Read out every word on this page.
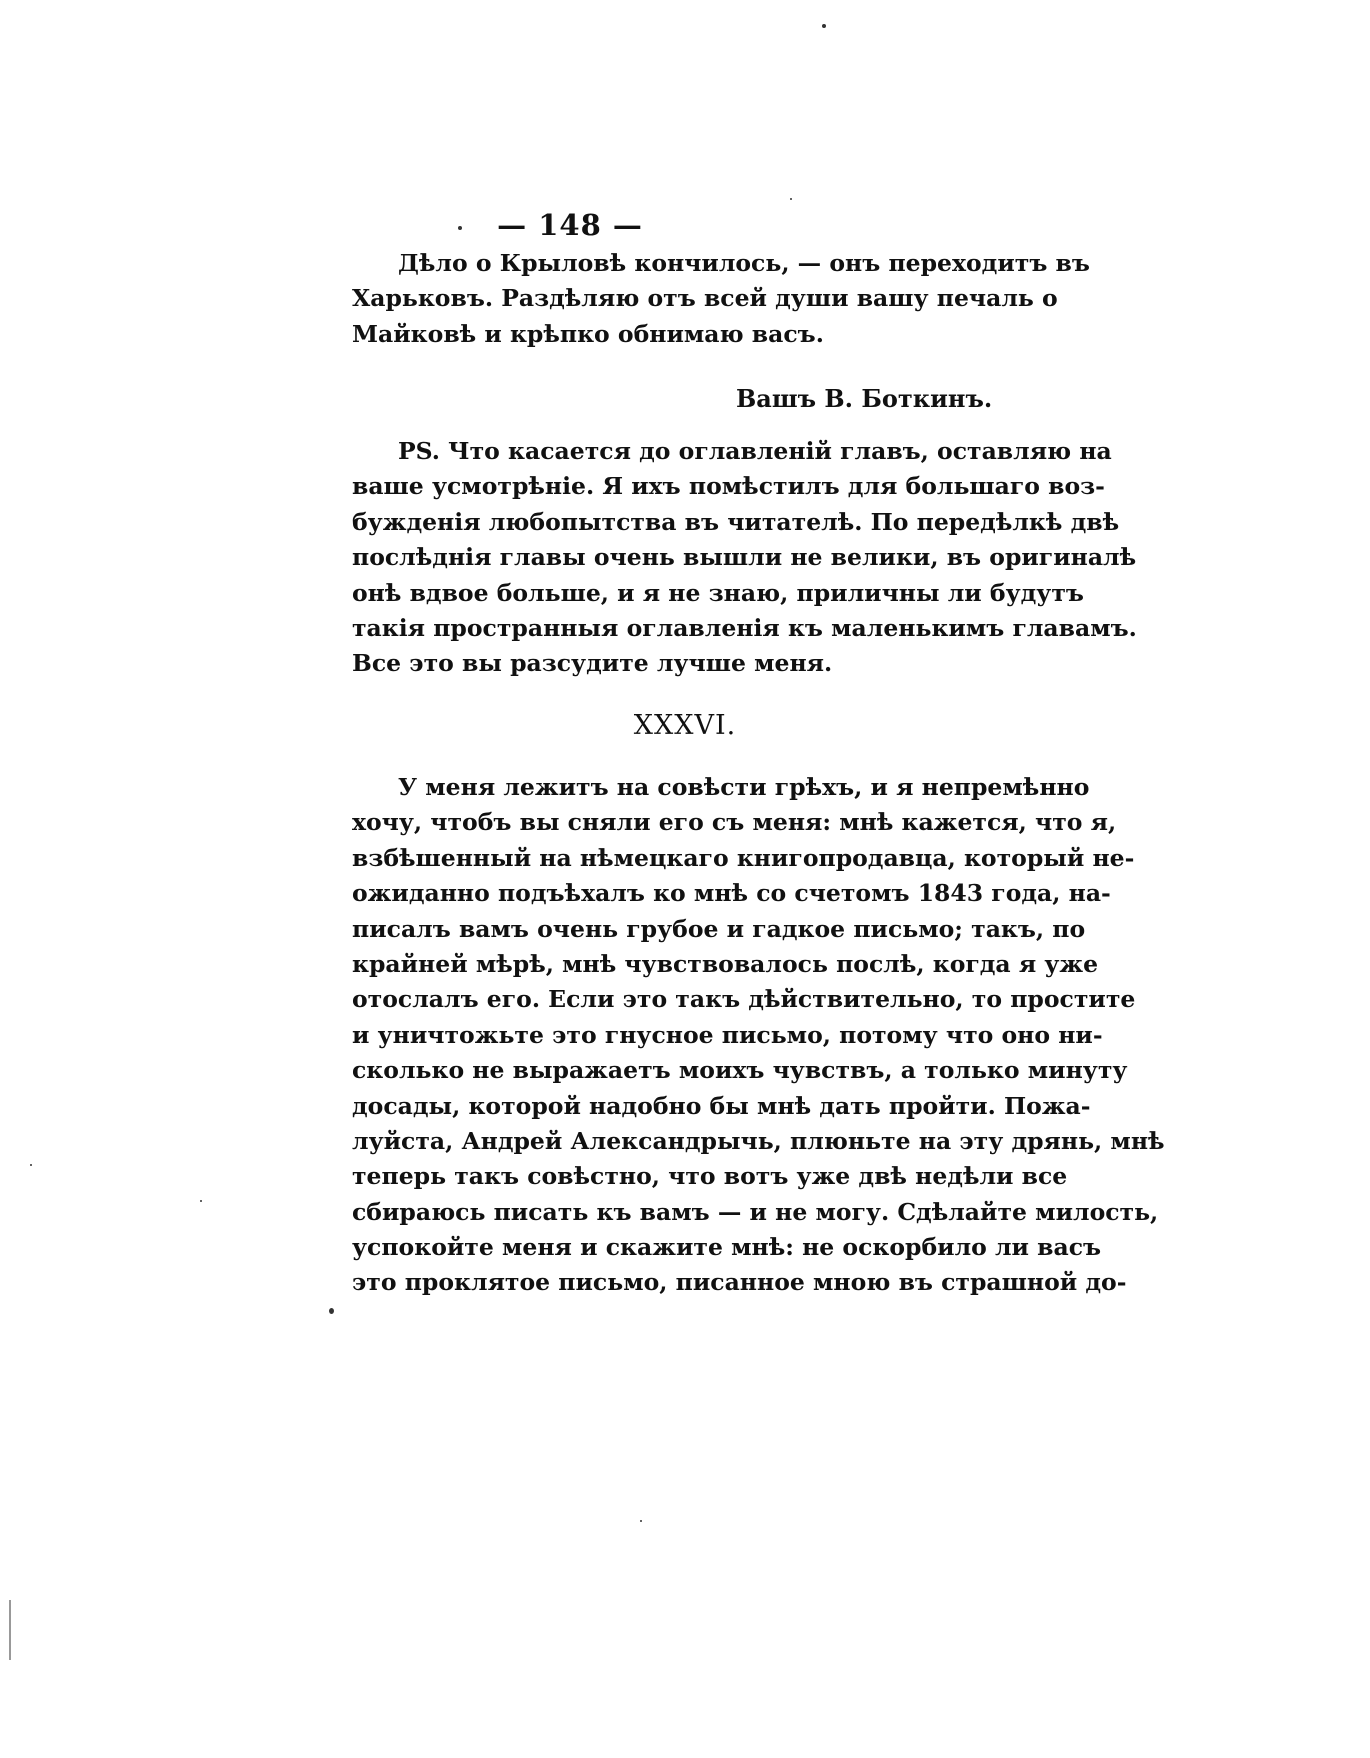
— 148 —
Дѣло о Крыловѣ кончилось, — онъ переходитъ въ
Харьковъ. Раздѣляю отъ всей души вашу печаль о
Майковѣ и крѣпко обнимаю васъ.
Вашъ В. Боткинъ.
PS. Что касается до оглавленій главъ, оставляю на
ваше усмотрѣніе. Я ихъ помѣстилъ для большаго воз-
бужденія любопытства въ читателѣ. По передѣлкѣ двѣ
послѣднія главы очень вышли не велики, въ оригиналѣ
онѣ вдвое больше, и я не знаю, приличны ли будутъ
такія пространныя оглавленія къ маленькимъ главамъ.
Все это вы разсудите лучше меня.
XXXVI.
У меня лежитъ на совѣсти грѣхъ, и я непремѣнно
хочу, чтобъ вы сняли его съ меня: мнѣ кажется, что я,
взбѣшенный на нѣмецкаго книгопродавца, который не-
ожиданно подъѣхалъ ко мнѣ со счетомъ 1843 года, на-
писалъ вамъ очень грубое и гадкое письмо; такъ, по
крайней мѣрѣ, мнѣ чувствовалось послѣ, когда я уже
отослалъ его. Если это такъ дѣйствительно, то простите
и уничтожьте это гнусное письмо, потому что оно ни-
сколько не выражаетъ моихъ чувствъ, а только минуту
досады, которой надобно бы мнѣ дать пройти. Пожа-
луйста, Андрей Александрычь, плюньте на эту дрянь, мнѣ
теперь такъ совѣстно, что вотъ уже двѣ недѣли все
сбираюсь писать къ вамъ — и не могу. Сдѣлайте милость,
успокойте меня и скажите мнѣ: не оскорбило ли васъ
это проклятое письмо, писанное мною въ страшной до-
